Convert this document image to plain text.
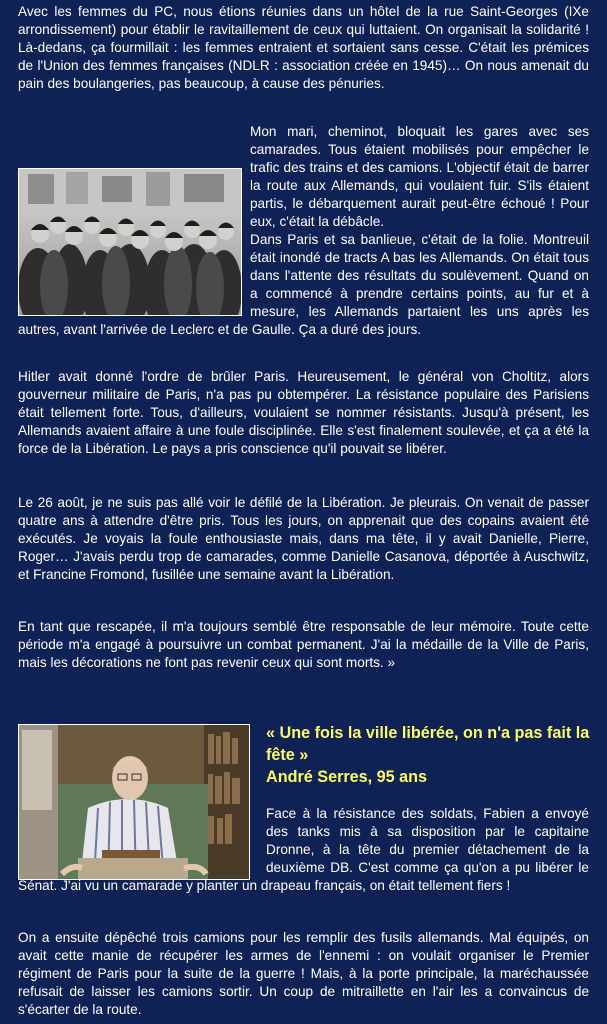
Avec les femmes du PC, nous étions réunies dans un hôtel de la rue Saint-Georges (IXe arrondissement) pour établir le ravitaillement de ceux qui luttaient. On organisait la solidarité ! Là-dedans, ça fourmillait : les femmes entraient et sortaient sans cesse. C'était les prémices de l'Union des femmes françaises (NDLR : association créée en 1945)… On nous amenait du pain des boulangeries, pas beaucoup, à cause des pénuries.

Mon mari, cheminot, bloquait les gares avec ses camarades. Tous étaient mobilisés pour empêcher le trafic des trains et des camions. L'objectif était de barrer la route aux Allemands, qui voulaient fuir. S'ils étaient partis, le débarquement aurait peut-être échoué ! Pour eux, c'était la débâcle.

Dans Paris et sa banlieue, c'était de la folie. Montreuil était inondé de tracts A bas les Allemands. On était tous dans l'attente des résultats du soulèvement. Quand on a commencé à prendre certains points, au fur et à mesure, les Allemands partaient les uns après les autres, avant l'arrivée de Leclerc et de Gaulle. Ça a duré des jours.

Hitler avait donné l'ordre de brûler Paris. Heureusement, le général von Choltitz, alors gouverneur militaire de Paris, n'a pas pu obtempérer. La résistance populaire des Parisiens était tellement forte. Tous, d'ailleurs, voulaient se nommer résistants. Jusqu'à présent, les Allemands avaient affaire à une foule disciplinée. Elle s'est finalement soulevée, et ça a été la force de la Libération. Le pays a pris conscience qu'il pouvait se libérer.

Le 26 août, je ne suis pas allé voir le défilé de la Libération. Je pleurais. On venait de passer quatre ans à attendre d'être pris. Tous les jours, on apprenait que des copains avaient été exécutés. Je voyais la foule enthousiaste mais, dans ma tête, il y avait Danielle, Pierre, Roger… J'avais perdu trop de camarades, comme Danielle Casanova, déportée à Auschwitz, et Francine Fromond, fusillée une semaine avant la Libération.

En tant que rescapée, il m'a toujours semblé être responsable de leur mémoire. Toute cette période m'a engagé à poursuivre un combat permanent. J'ai la médaille de la Ville de Paris, mais les décorations ne font pas revenir ceux qui sont morts. »

« Une fois la ville libérée, on n'a pas fait la fête »
André Serres, 95 ans

Face à la résistance des soldats, Fabien a envoyé des tanks mis à sa disposition par le capitaine Dronne, à la tête du premier détachement de la deuxième DB. C'est comme ça qu'on a pu libérer le Sénat. J'ai vu un camarade y planter un drapeau français, on était tellement fiers !

On a ensuite dépêché trois camions pour les remplir des fusils allemands. Mal équipés, on avait cette manie de récupérer les armes de l'ennemi : on voulait organiser le Premier régiment de Paris pour la suite de la guerre ! Mais, à la porte principale, la maréchaussée refusait de laisser les camions sortir. Un coup de mitraillette en l'air les a convaincus de s'écarter de la route.
